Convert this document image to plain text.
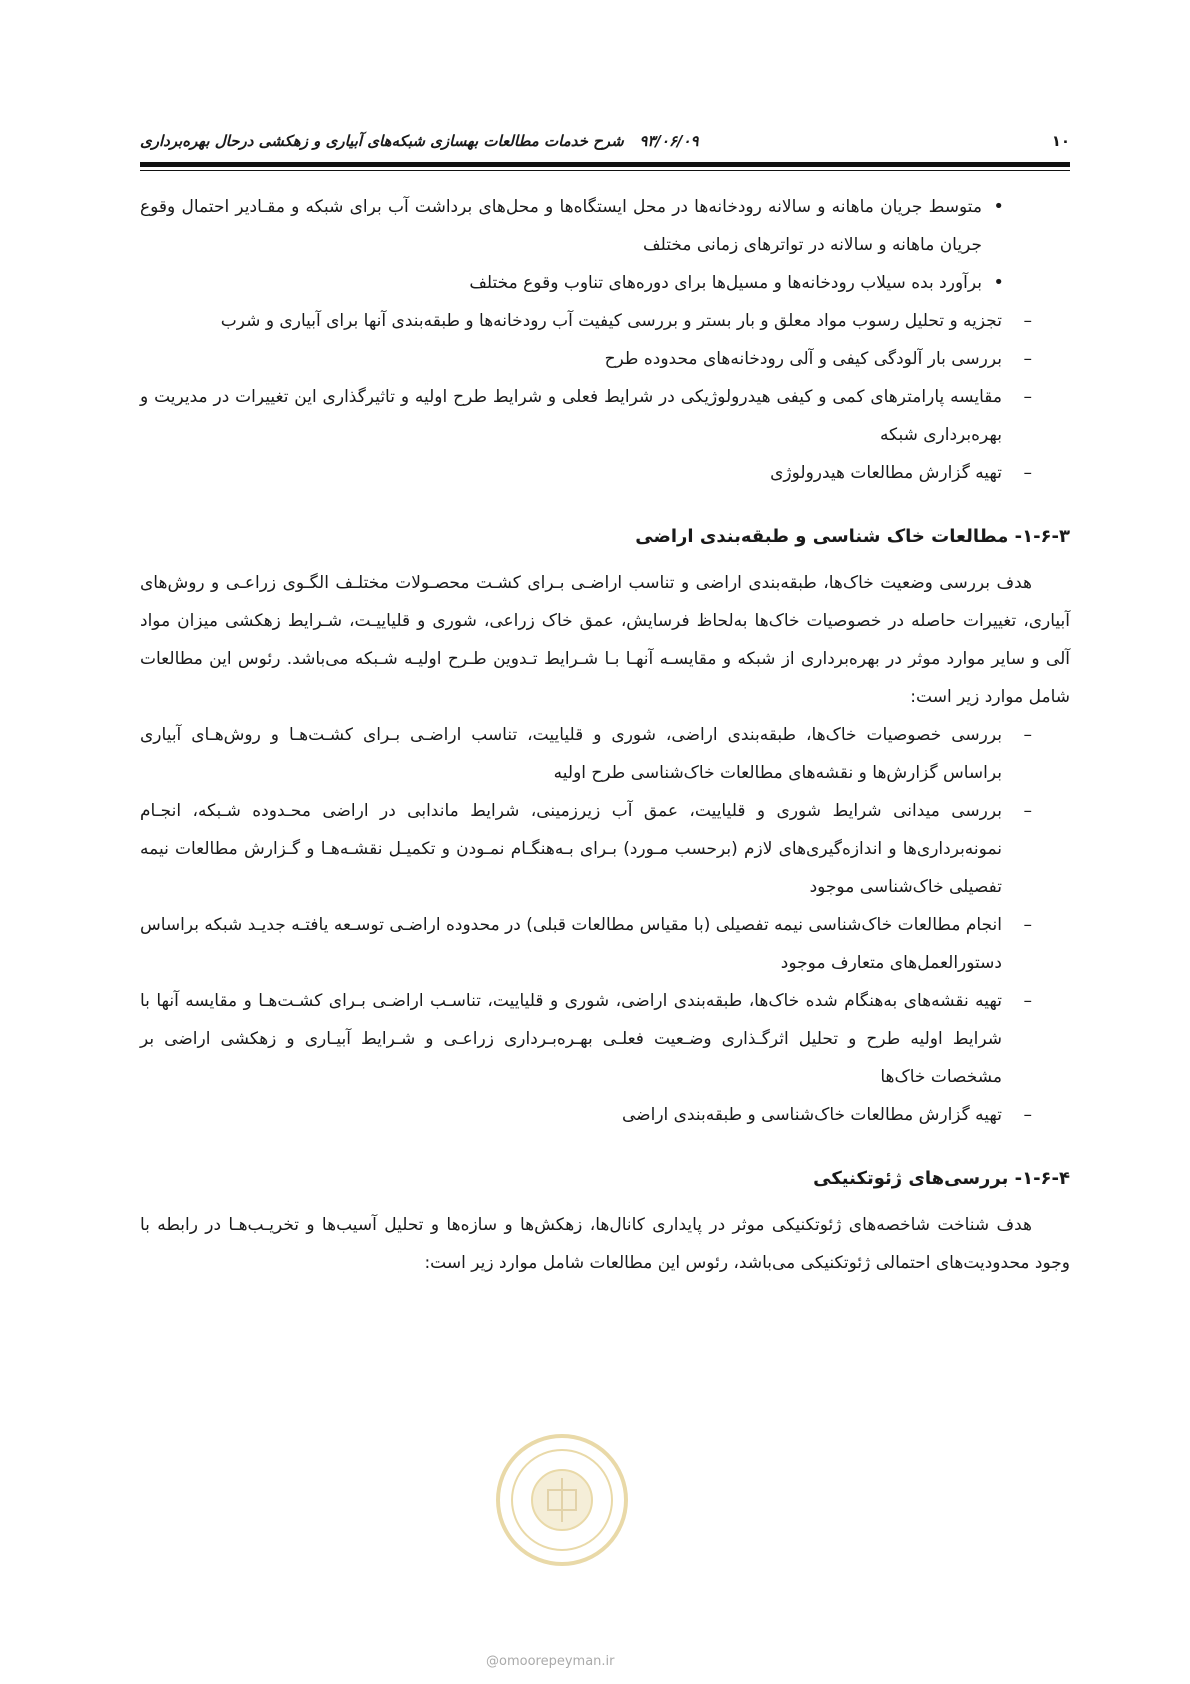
۱۰
۹۳/۰۶/۰۹   شرح خدمات مطالعات بهسازی شبکه‌های آبیاری و زهکشی درحال بهره‌برداری
• متوسط جریان ماهانه و سالانه رودخانه‌ها در محل ایستگاه‌ها و محل‌های برداشت آب برای شبکه و مقـادیر احتمال وقوع جریان ماهانه و سالانه در تواترهای زمانی مختلف
• برآورد بده سیلاب رودخانه‌ها و مسیل‌ها برای دوره‌های تناوب وقوع مختلف
– تجزیه و تحلیل رسوب مواد معلق و بار بستر و بررسی کیفیت آب رودخانه‌ها و طبقه‌بندی آنها برای آبیاری و شرب
– بررسی بار آلودگی کیفی و آلی رودخانه‌های محدوده طرح
– مقایسه پارامترهای کمی و کیفی هیدرولوژیکی در شرایط فعلی و شرایط طرح اولیه و تاثیرگذاری این تغییرات در مدیریت و بهره‌برداری شبکه
– تهیه گزارش مطالعات هیدرولوژی
۱-۶-۳- مطالعات خاک شناسی و طبقه‌بندی اراضی
هدف بررسی وضعیت خاک‌ها، طبقه‌بندی اراضی و تناسب اراضـی بـرای کشـت محصـولات مختلـف الگـوی زراعـی و روش‌های آبیاری، تغییرات حاصله در خصوصیات خاک‌ها به‌لحاظ فرسایش، عمق خاک زراعی، شوری و قلیاییـت، شـرایط زهکشی میزان مواد آلی و سایر موارد موثر در بهره‌برداری از شبکه و مقایسـه آنهـا بـا شـرایط تـدوین طـرح اولیـه شـبکه می‌باشد. رئوس این مطالعات شامل موارد زیر است:
– بررسی خصوصیات خاک‌ها، طبقه‌بندی اراضی، شوری و قلیاییت، تناسب اراضـی بـرای کشـت‌هـا و روش‌هـای آبیاری براساس گزارش‌ها و نقشه‌های مطالعات خاک‌شناسی طرح اولیه
– بررسی میدانی شرایط شوری و قلیاییت، عمق آب زیرزمینی، شرایط ماندابی در اراضی محـدوده شـبکه، انجـام نمونه‌برداری‌ها و اندازه‌گیری‌های لازم (برحسب مـورد) بـرای بـه‌هنگـام نمـودن و تکمیـل نقشـه‌هـا و گـزارش مطالعات نیمه تفصیلی خاک‌شناسی موجود
– انجام مطالعات خاک‌شناسی نیمه تفصیلی (با مقیاس مطالعات قبلی) در محدوده اراضـی توسـعه یافتـه جدیـد شبکه براساس دستورالعمل‌های متعارف موجود
– تهیه نقشه‌های به‌هنگام شده خاک‌ها، طبقه‌بندی اراضی، شوری و قلیاییت، تناسـب اراضـی بـرای کشـت‌هـا و مقایسه آنها با شرایط اولیه طرح و تحلیل اثرگـذاری وضـعیت فعلـی بهـره‌بـرداری زراعـی و شـرایط آبیـاری و زهکشی اراضی بر مشخصات خاک‌ها
– تهیه گزارش مطالعات خاک‌شناسی و طبقه‌بندی اراضی
۱-۶-۴- بررسی‌های ژئوتکنیکی
هدف شناخت شاخصه‌های ژئوتکنیکی موثر در پایداری کانال‌ها، زهکش‌ها و سازه‌ها و تحلیل آسیب‌ها و تخریـب‌هـا در رابطه با وجود محدودیت‌های احتمالی ژئوتکنیکی می‌باشد، رئوس این مطالعات شامل موارد زیر است:
@omoorepeyman.ir
